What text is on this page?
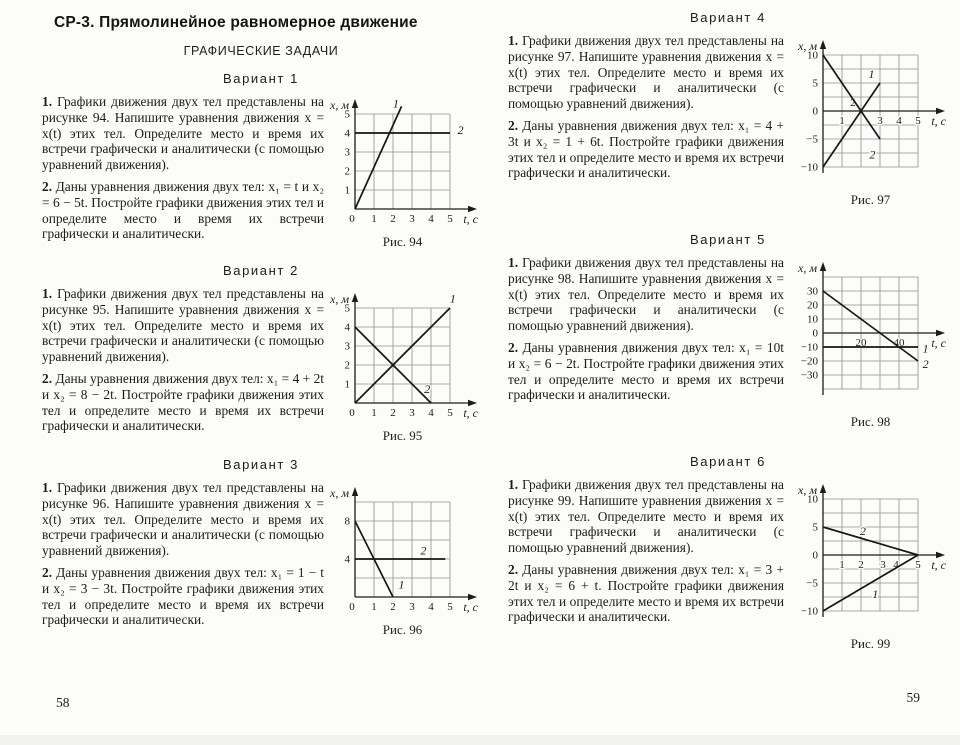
СР-3. Прямолинейное равномерное движение
ГРАФИЧЕСКИЕ ЗАДАЧИ
Вариант 1

1. Графики движения двух тел представлены на рисунке 94. Напишите уравнения движения x = x(t) этих тел. Определите место и время их встречи графически и аналитически (с помощью уравнений движения).

2. Даны уравнения движения двух тел: x₁ = t и x₂ = 6 − 5t. Постройте графики движения этих тел и определите место и время их встречи графически и аналитически.

0 1 2 3 4 5
5
4
3
2
1
1
2
x, м
t, с
Рис. 94
Вариант 2

1. Графики движения двух тел представлены на рисунке 95. Напишите уравнения движения x = x(t) этих тел. Определите место и время их встречи графически и аналитически (с помощью уравнений движения).

2. Даны уравнения движения двух тел: x₁ = 4 + 2t и x₂ = 8 − 2t. Постройте графики движения этих тел и определите место и время их встречи графически и аналитически.

0 1 2 3 4 5
5
4
3
2
1
1
2
x, м
t, с
Рис. 95
Вариант 3

1. Графики движения двух тел представлены на рисунке 96. Напишите уравнения движения x = x(t) этих тел. Определите место и время их встречи графически и аналитически (с помощью уравнений движения).

2. Даны уравнения движения двух тел: x₁ = 1 − t и x₂ = 3 − 3t. Постройте графики движения этих тел и определите место и время их встречи графически и аналитически.

0 1 2 3 4 5
8
4
1
2
x, м
t, с
Рис. 96
Вариант 4

1. Графики движения двух тел представлены на рисунке 97. Напишите уравнения движения x = x(t) этих тел. Определите место и время их встречи графически и аналитически (с помощью уравнений движения).

2. Даны уравнения движения двух тел: x₁ = 4 + 3t и x₂ = 1 + 6t. Постройте графики движения этих тел и определите место и время их встречи графически и аналитически.

1
2
3 4 5
10
5
0
−5
−10
1
2
x, м
t, с
Рис. 97
Вариант 5

1. Графики движения двух тел представлены на рисунке 98. Напишите уравнения движения x = x(t) этих тел. Определите место и время их встречи графически и аналитически (с помощью уравнений движения).

2. Даны уравнения движения двух тел: x₁ = 10t и x₂ = 6 − 2t. Постройте графики движения этих тел и определите место и время их встречи графически и аналитически.

20 40
30
20
10
0
−10
−20
−30
1
2
x, м
t, с
Рис. 98
Вариант 6

1. Графики движения двух тел представлены на рисунке 99. Напишите уравнения движения x = x(t) этих тел. Определите место и время их встречи графически и аналитически (с помощью уравнений движения).

2. Даны уравнения движения двух тел: x₁ = 3 + 2t и x₂ = 6 + t. Постройте графики движения этих тел и определите место и время их встречи графически и аналитически.

1 2 3 4 5
10
5
0
−5
−10
1
2
x, м
t, с
Рис. 99
58	59
